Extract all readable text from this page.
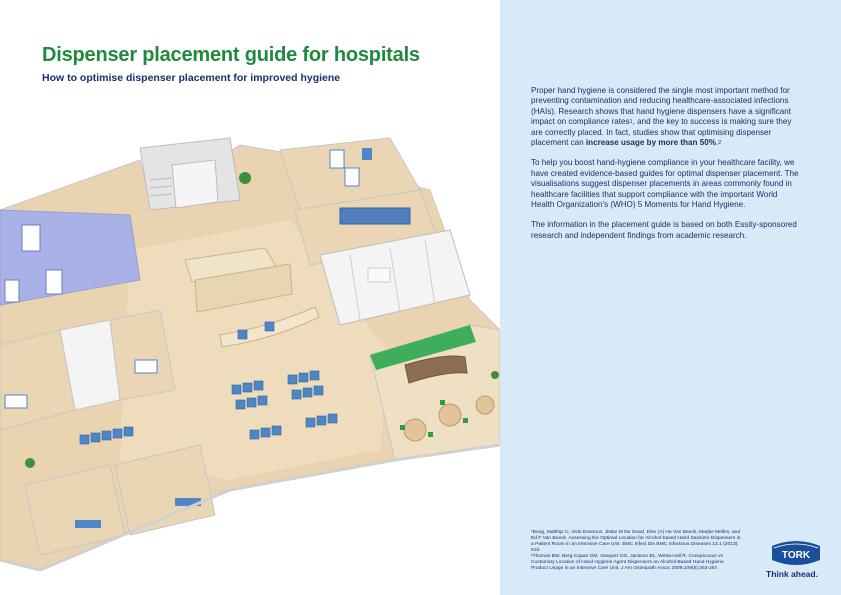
Dispenser placement guide for hospitals
How to optimise dispenser placement for improved hygiene

Proper hand hygiene is considered the single most important method for preventing contamination and reducing healthcare-associated infections (HAIs). Research shows that hand hygiene dispensers have a significant impact on compliance rates$^1$, and the key to success is making sure they are correctly placed. In fact, studies show that optimising dispenser placement can increase usage by more than 50%.$^2$

To help you boost hand-hygiene compliance in your healthcare facility, we have created evidence-based guides for optimal dispenser placement. The visualisations suggest dispenser placements in areas commonly found in healthcare facilities that support compliance with the important World Health Organization's (WHO) 5 Moments for Hand Hygiene.

The information in the placement guide is based on both Essity-sponsored research and independent findings from academic research.

¹Boog, Matthijs C, Vicki Erasmus, Jitske M De Graaf, Else (A) He Van Beeck, Marjke Melles, and Ed F Van Beeck. Assessing the Optimal Location for Alcohol-based Hand Sanitizer Dispensers in a Patient Room in an Intensive Care Unit. BMC Infect Dis BMC Infectious Diseases 13.1 (2013): 510.
²Thomas BW, Berg-Copas GM, Vasquez DG, Jackson BL, Wetta-Hall R. Conspicuous vs Customary Location of Hand Hygiene Agent Dispensers on Alcohol-Based Hand Hygiene Product Usage in an Intensive Care Unit. J Am Osteopath Assoc 2009;109(5):263-267.
TORK

Think ahead.
